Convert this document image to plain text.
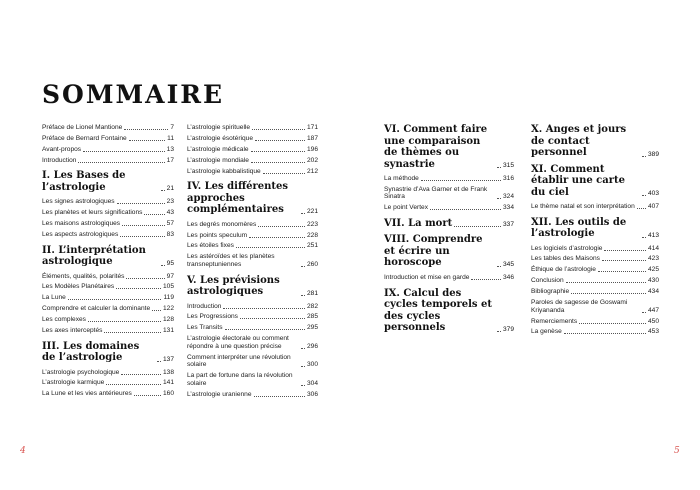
SOMMAIRE
Préface de Lionel Mantione	7
Préface de Bernard Fontaine	11
Avant-propos	13
Introduction	17
I. Les Bases de l’astrologie	21
Les signes astrologiques	23
Les planètes et leurs significations	43
Les maisons astrologiques	57
Les aspects astrologiques	83
II. L’interprétation astrologique	95
Éléments, qualités, polarités	97
Les Modèles Planétaires	105
La Lune	119
Comprendre et calculer la dominante 122
Les complexes	128
Les axes interceptés	131
III. Les domaines de l’astrologie	137
L’astrologie psychologique	138
L’astrologie karmique	141
La Lune et les vies antérieures	160
L’astrologie spirituelle	171
L’astrologie ésotérique	187
L’astrologie médicale	196
L’astrologie mondiale	202
L’astrologie kabbalistique	212
IV. Les différentes approches complémentaires	221
Les degrés monomères	223
Les points speculum	228
Les étoiles fixes	251
Les astéroïdes et les planètes transneptuniennes	260
V. Les prévisions astrologiques	281
Introduction	282
Les Progressions	285
Les Transits	295
L’astrologie électorale ou comment répondre à une question précise	296
Comment interpréter une révolution solaire	300
La part de fortune dans la révolution solaire	304
L’astrologie uranienne	306
VI. Comment faire une comparaison de thèmes ou synastrie	315
La méthode	316
Synastrie d’Ava Garner et de Frank Sinatra	324
Le point Vertex	334
VII. La mort	337
VIII. Comprendre et écrire un horoscope	345
Introduction et mise en garde	346
IX. Calcul des cycles temporels et des cycles personnels	379
X. Anges et jours de contact personnel	389
XI. Comment établir une carte du ciel	403
Le thème natal et son interprétation 407
XII. Les outils de l’astrologie	413
Les logiciels d’astrologie	414
Les tables des Maisons	423
Éthique de l’astrologie	425
Conclusion	430
Bibliographie	434
Paroles de sagesse de Goswami Kriyananda	447
Remerciements	450
La genèse	453
4	5
